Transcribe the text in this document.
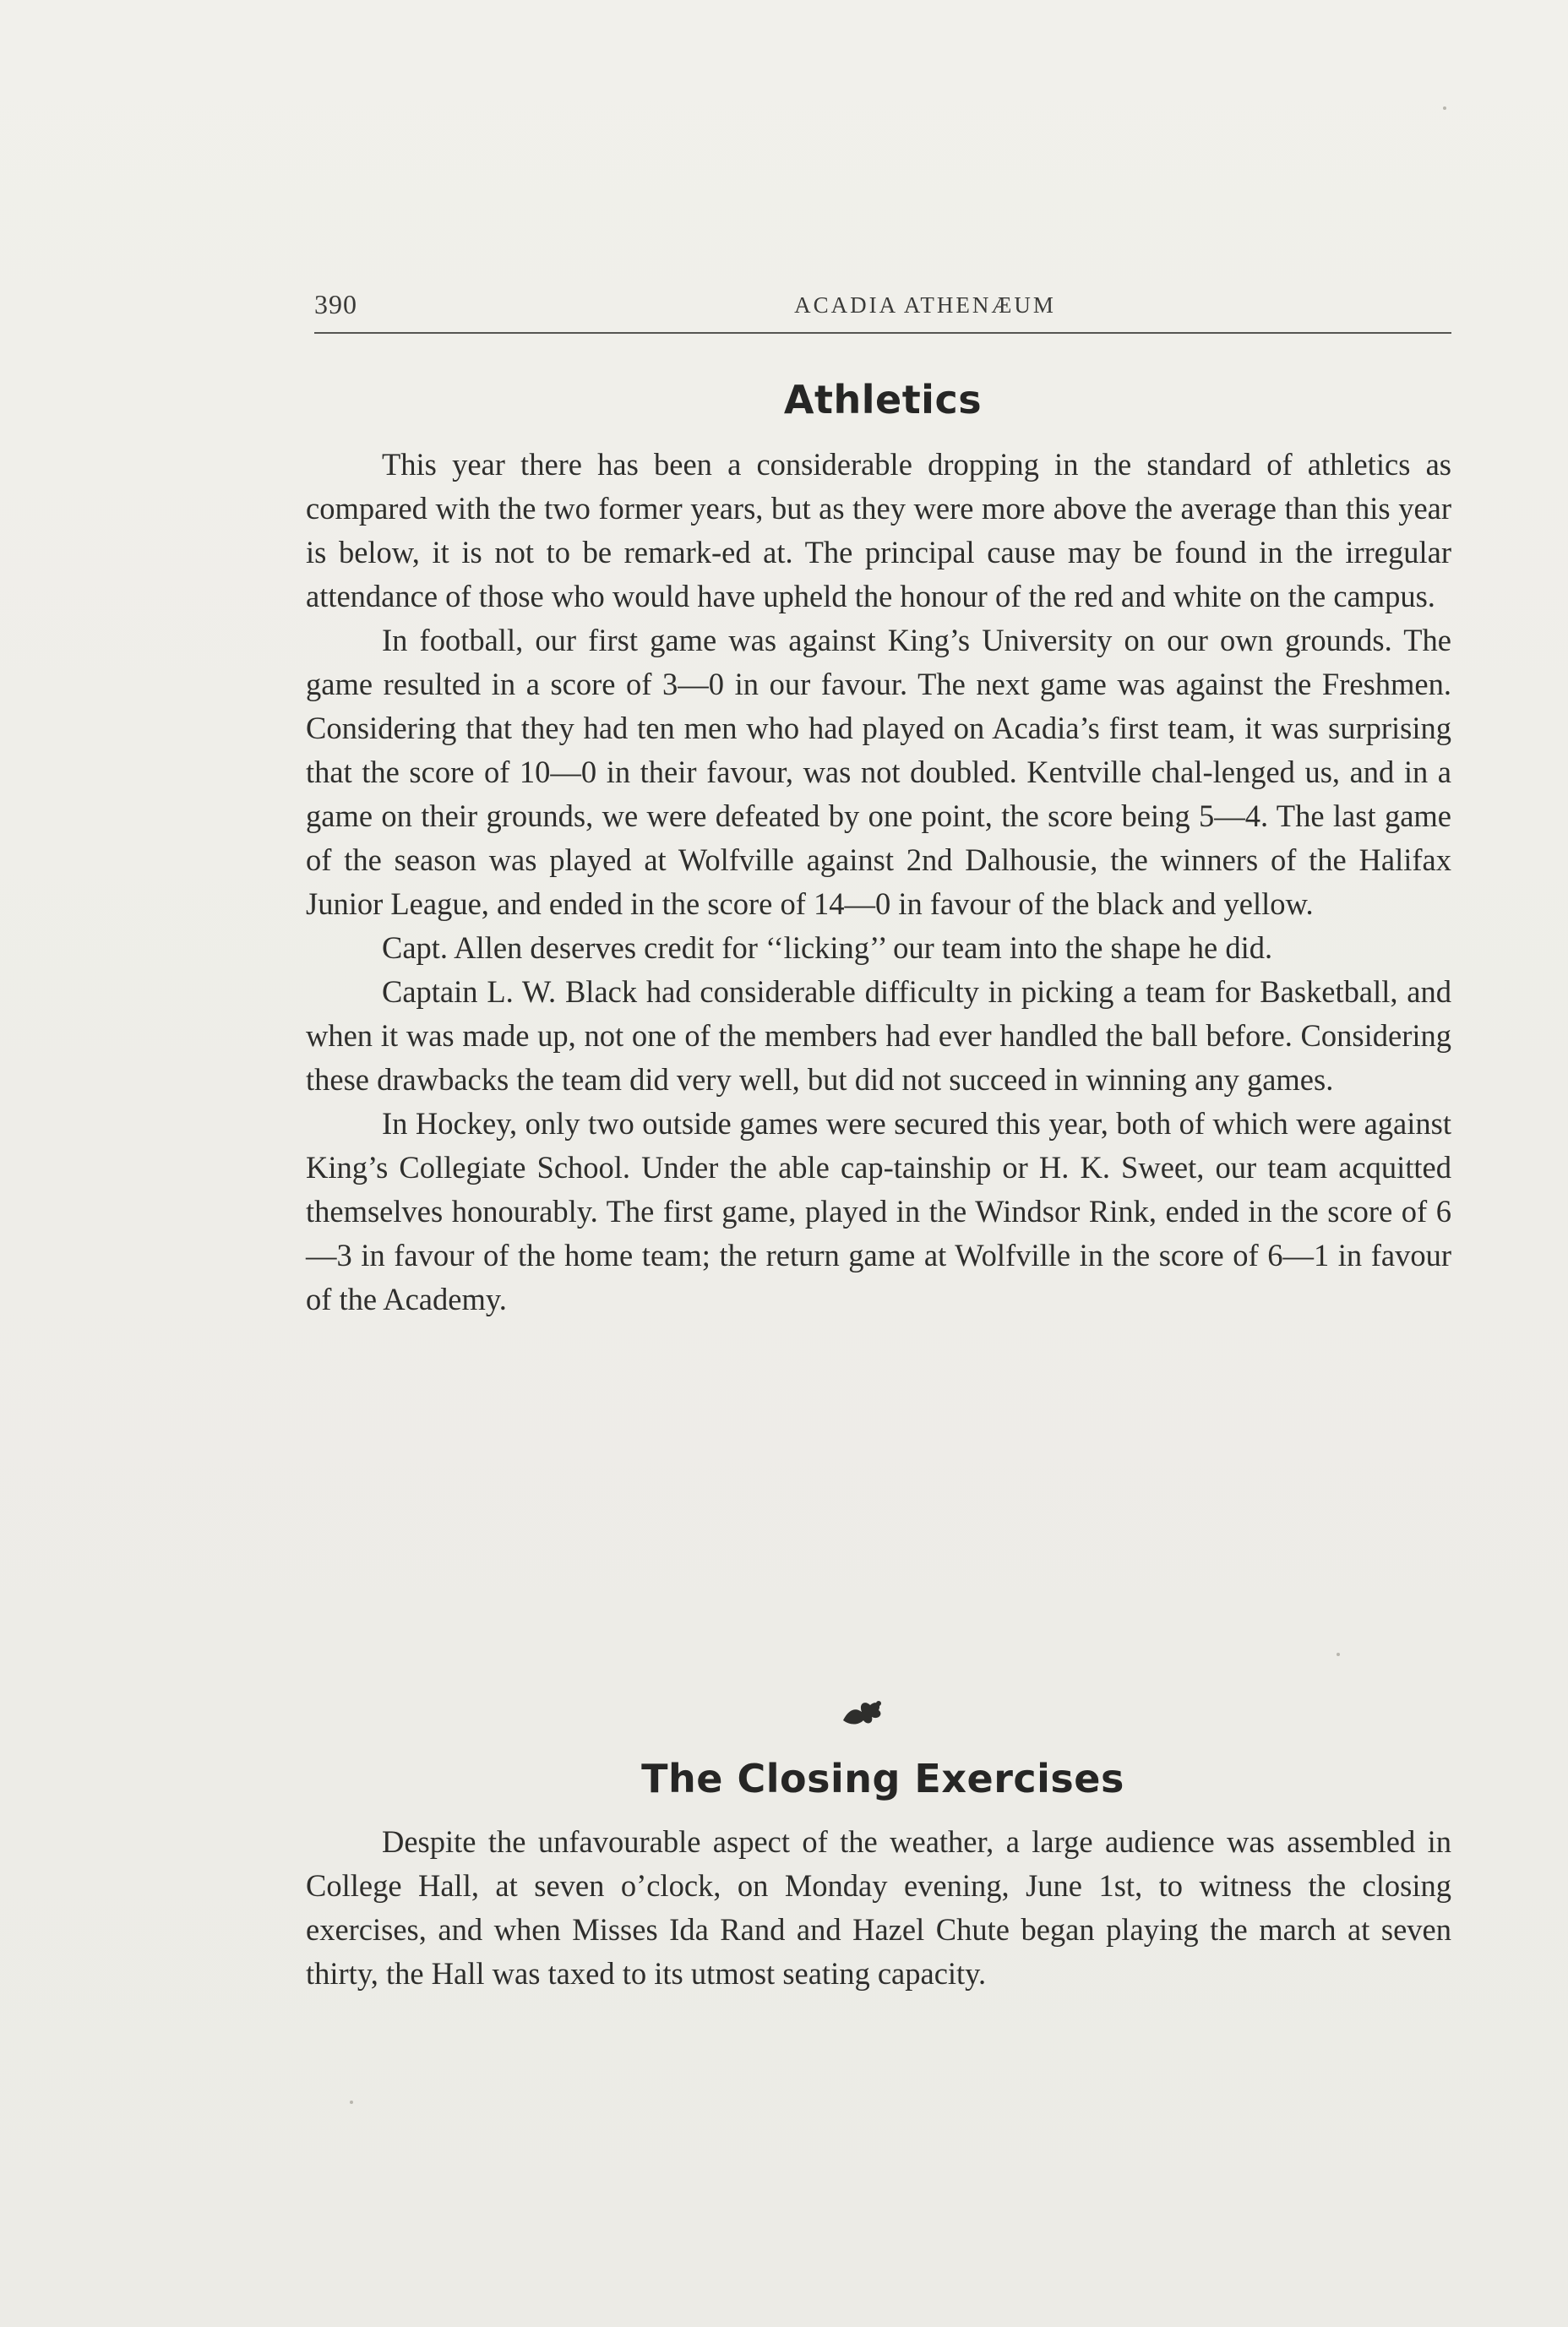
390	ACADIA ATHENÆUM
Athletics

This year there has been a considerable dropping in the standard of athletics as compared with the two former years, but as they were more above the average than this year is below, it is not to be remark-ed at. The principal cause may be found in the irregular attendance of those who would have upheld the honour of the red and white on the campus.

In football, our first game was against King’s University on our own grounds. The game resulted in a score of 3—0 in our favour. The next game was against the Freshmen. Considering that they had ten men who had played on Acadia’s first team, it was surprising that the score of 10—0 in their favour, was not doubled. Kentville chal-lenged us, and in a game on their grounds, we were defeated by one point, the score being 5—4. The last game of the season was played at Wolfville against 2nd Dalhousie, the winners of the Halifax Junior League, and ended in the score of 14—0 in favour of the black and yellow.

Capt. Allen deserves credit for ‘‘licking’’ our team into the shape he did.

Captain L. W. Black had considerable difficulty in picking a team for Basketball, and when it was made up, not one of the members had ever handled the ball before. Considering these drawbacks the team did very well, but did not succeed in winning any games.

In Hockey, only two outside games were secured this year, both of which were against King’s Collegiate School. Under the able cap-tainship or H. K. Sweet, our team acquitted themselves honourably. The first game, played in the Windsor Rink, ended in the score of 6—3 in favour of the home team; the return game at Wolfville in the score of 6—1 in favour of the Academy.

The Closing Exercises

Despite the unfavourable aspect of the weather, a large audience was assembled in College Hall, at seven o’clock, on Monday evening, June 1st, to witness the closing exercises, and when Misses Ida Rand and Hazel Chute began playing the march at seven thirty, the Hall was taxed to its utmost seating capacity.
